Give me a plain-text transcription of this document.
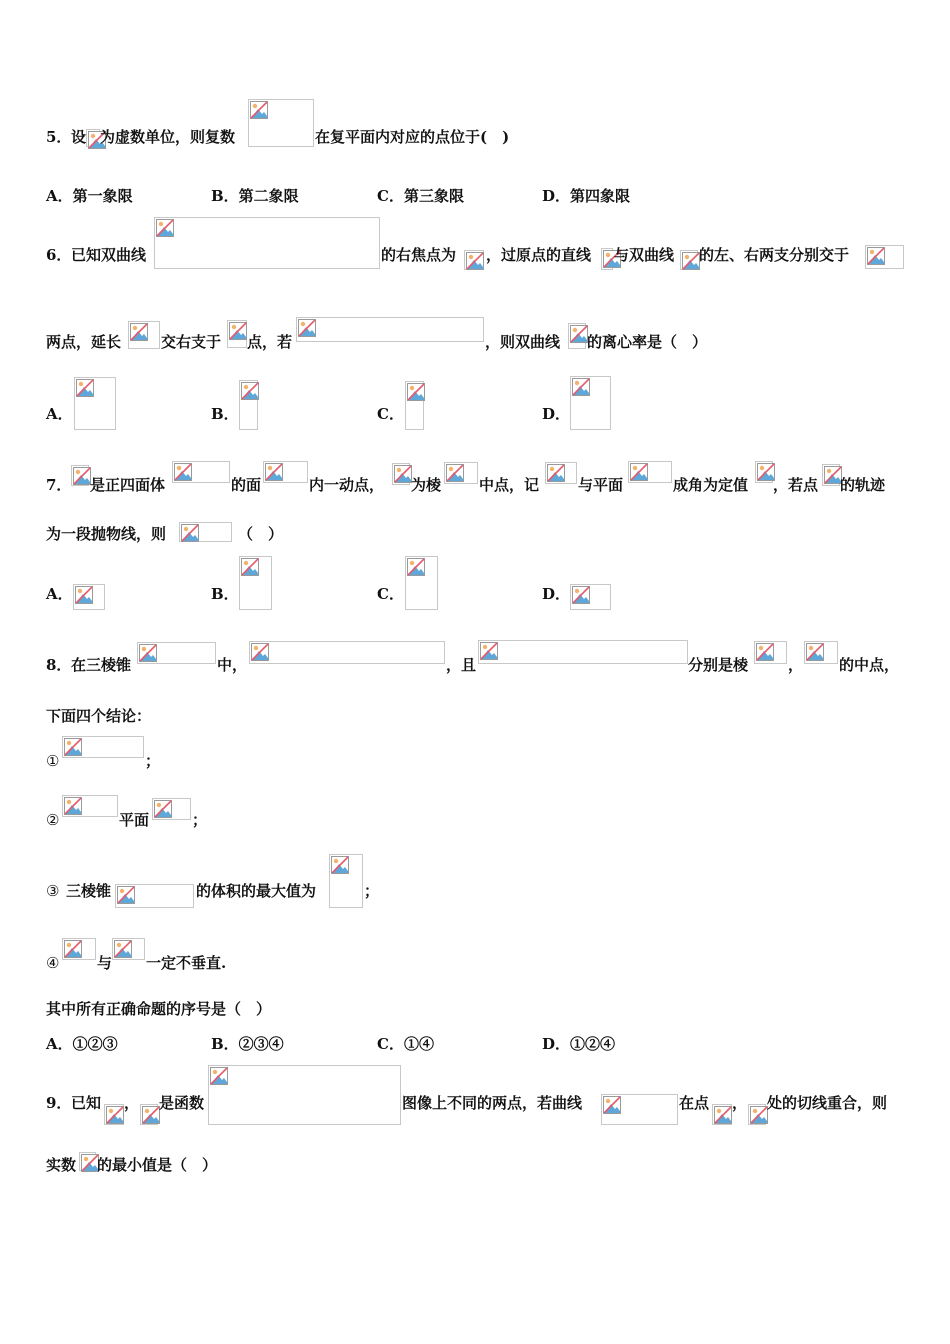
5． 设 为虚数单位，则复数	在复平面内对应的点位于(　)
A．第一象限	B．第二象限	C．第三象限	D．第四象限
6． 已知双曲线	的右焦点为 ，过原点的直线 与双曲线 的左、右两支分别交于
两点，延长	交右支于 点，若	，则双曲线 的离心率是（　）
A．	B．	C．	D．
7． 是正四面体	的面	内一动点， 为棱	中点，记	与平面	成角为定值 ，若点 的轨迹
为一段抛物线，则	（　）
A．	B．	C．	D．
8． 在三棱锥	中，	，且	分别是棱	， 的中点，
下面四个结论：
①	；
②	平面	；
③ 三棱锥	的体积的最大值为	；
④	与 一定不垂直.
其中所有正确命题的序号是（　）
A．①②③	B．②③④	C．①④	D．①②④
9． 已知 ， 是函数	图像上不同的两点，若曲线	在点 ， 处的切线重合，则
实数 的最小值是（　）
